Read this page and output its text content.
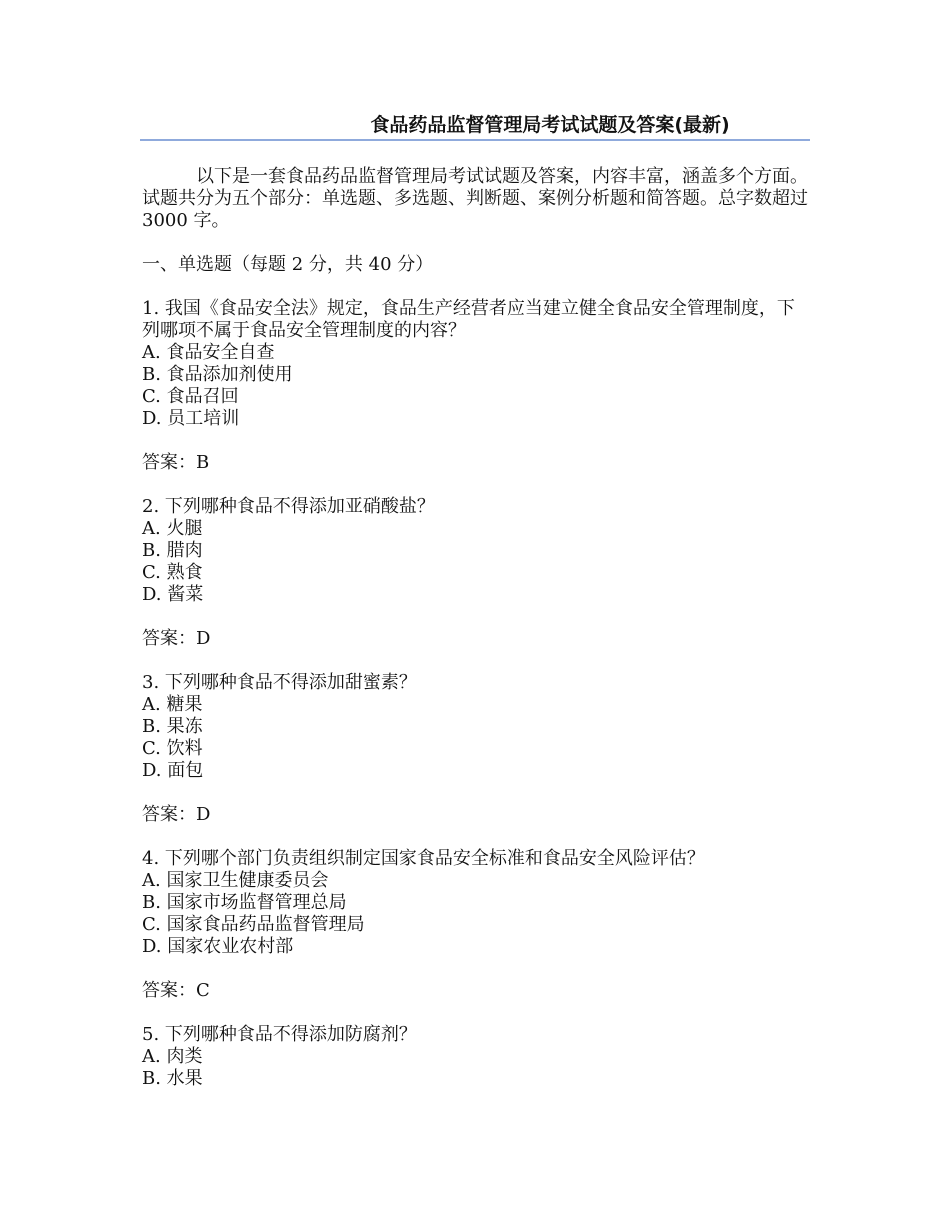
食品药品监督管理局考试试题及答案(最新)

以下是一套食品药品监督管理局考试试题及答案，内容丰富，涵盖多个方面。试题共分为五个部分：单选题、多选题、判断题、案例分析题和简答题。总字数超过 3000 字。

一、单选题（每题 2 分，共 40 分）

1. 我国《食品安全法》规定，食品生产经营者应当建立健全食品安全管理制度，下列哪项不属于食品安全管理制度的内容？

A. 食品安全自查

B. 食品添加剂使用

C. 食品召回

D. 员工培训

答案：B

2. 下列哪种食品不得添加亚硝酸盐？

A. 火腿

B. 腊肉

C. 熟食

D. 酱菜

答案：D

3. 下列哪种食品不得添加甜蜜素？

A. 糖果

B. 果冻

C. 饮料

D. 面包

答案：D

4. 下列哪个部门负责组织制定国家食品安全标准和食品安全风险评估？

A. 国家卫生健康委员会

B. 国家市场监督管理总局

C. 国家食品药品监督管理局

D. 国家农业农村部

答案：C

5. 下列哪种食品不得添加防腐剂？

A. 肉类

B. 水果
